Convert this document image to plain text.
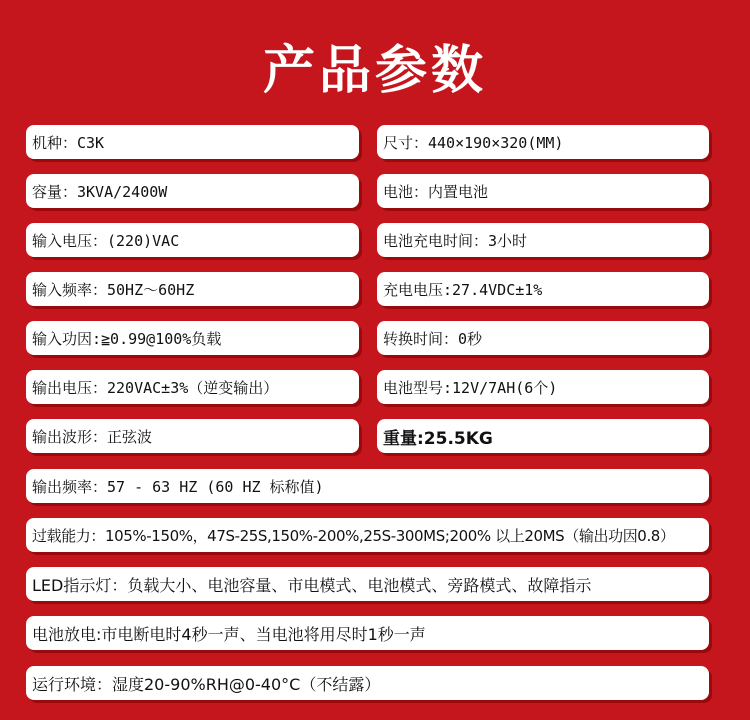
产品参数
机种：C3K	尺寸：440×190×320(MM)
容量：3KVA/2400W	电池：内置电池
输入电压：(220)VAC	电池充电时间：3小时
输入频率：50HZ～60HZ	充电电压:27.4VDC±1%
输入功因:≧0.99@100%负载	转换时间：0秒
输出电压：220VAC±3%（逆变输出）	电池型号:12V/7AH(6个)
输出波形：正弦波	重量:25.5KG
输出频率：57 - 63 HZ (60 HZ 标称值)
过载能力：105%-150%，47S-25S,150%-200%,25S-300MS;200% 以上20MS（输出功因0.8）
LED指示灯：负载大小、电池容量、市电模式、电池模式、旁路模式、故障指示
电池放电:市电断电时4秒一声、当电池将用尽时1秒一声
运行环境：湿度20-90%RH@0-40°C（不结露）
